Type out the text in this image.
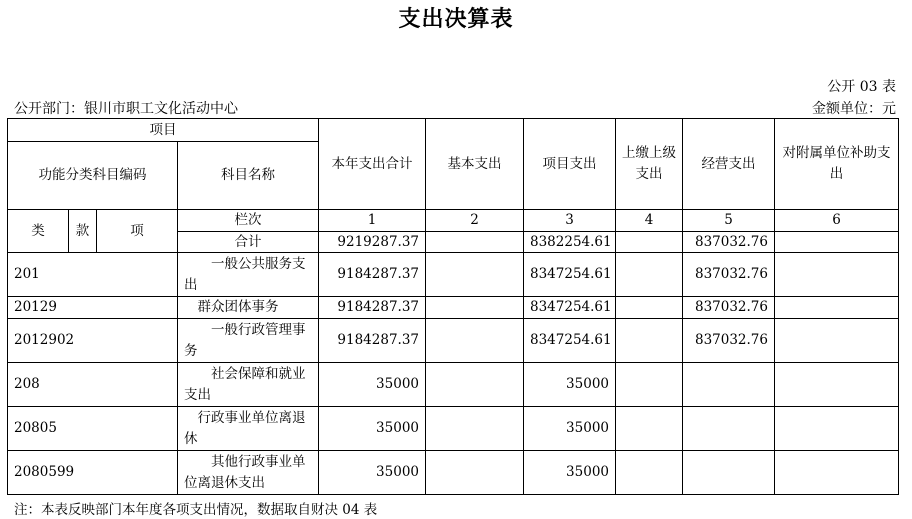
支出决算表
公开 03 表
公开部门：银川市职工文化活动中心	金额单位：元
项目				本年支出合计	基本支出	项目支出	上缴上级支出	经营支出	对附属单位补助支出
功能分类科目编码			科目名称						
类	款	项	栏次	1	2	3	4	5	6
			合计	9219287.37		8382254.61		837032.76	
201			　　一般公共服务支出	9184287.37		8347254.61		837032.76	
20129			　群众团体事务	9184287.37		8347254.61		837032.76	
2012902			　　一般行政管理事务	9184287.37		8347254.61		837032.76	
208			　　社会保障和就业支出	35000		35000			
20805			　行政事业单位离退休	35000		35000			
2080599			　　其他行政事业单位离退休支出	35000		35000			
注：本表反映部门本年度各项支出情况，数据取自财决 04 表
